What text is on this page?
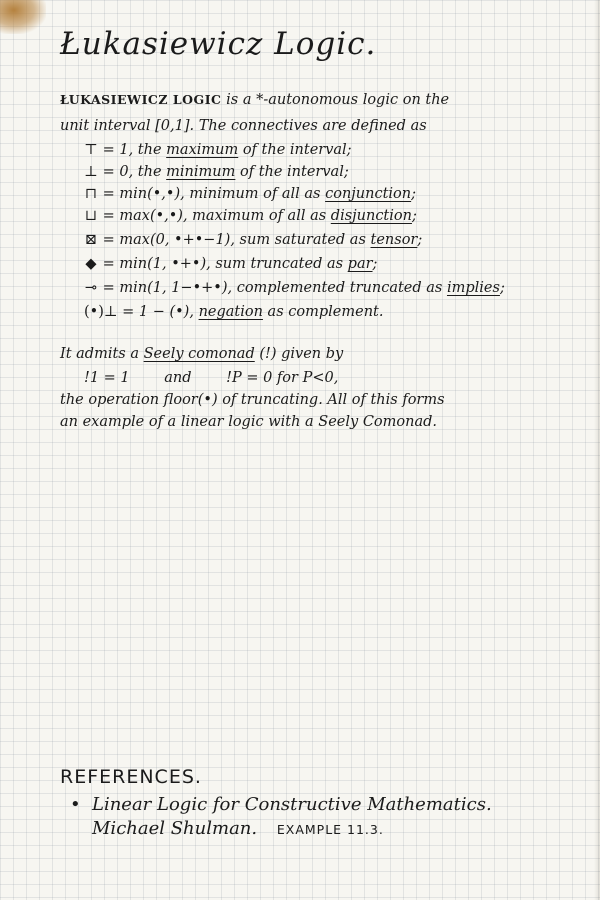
Łukasiewicz Logic.
ŁUKASIEWICZ LOGIC is a *-autonomous logic on the
unit interval [0,1]. The connectives are defined as
⊤ = 1, the maximum of the interval;
⊥ = 0, the minimum of the interval;
⊓ = min(•,•), minimum of all as conjunction;
⊔ = max(•,•), maximum of all as disjunction;
⊠ = max(0, •+•−1), sum saturated as tensor;
◆ = min(1, •+•), sum truncated as par;
⊸ = min(1, 1−•+•), complemented truncated as implies;
(•)⊥ = 1 − (•), negation as complement.
It admits a Seely comonad (!) given by
!1 = 1 and !P = 0 for P<0,
the operation floor(•) of truncating. All of this forms
an example of a linear logic with a Seely Comonad.
REFERENCES.
• Linear Logic for Constructive Mathematics.
Michael Shulman. EXAMPLE 11.3.
